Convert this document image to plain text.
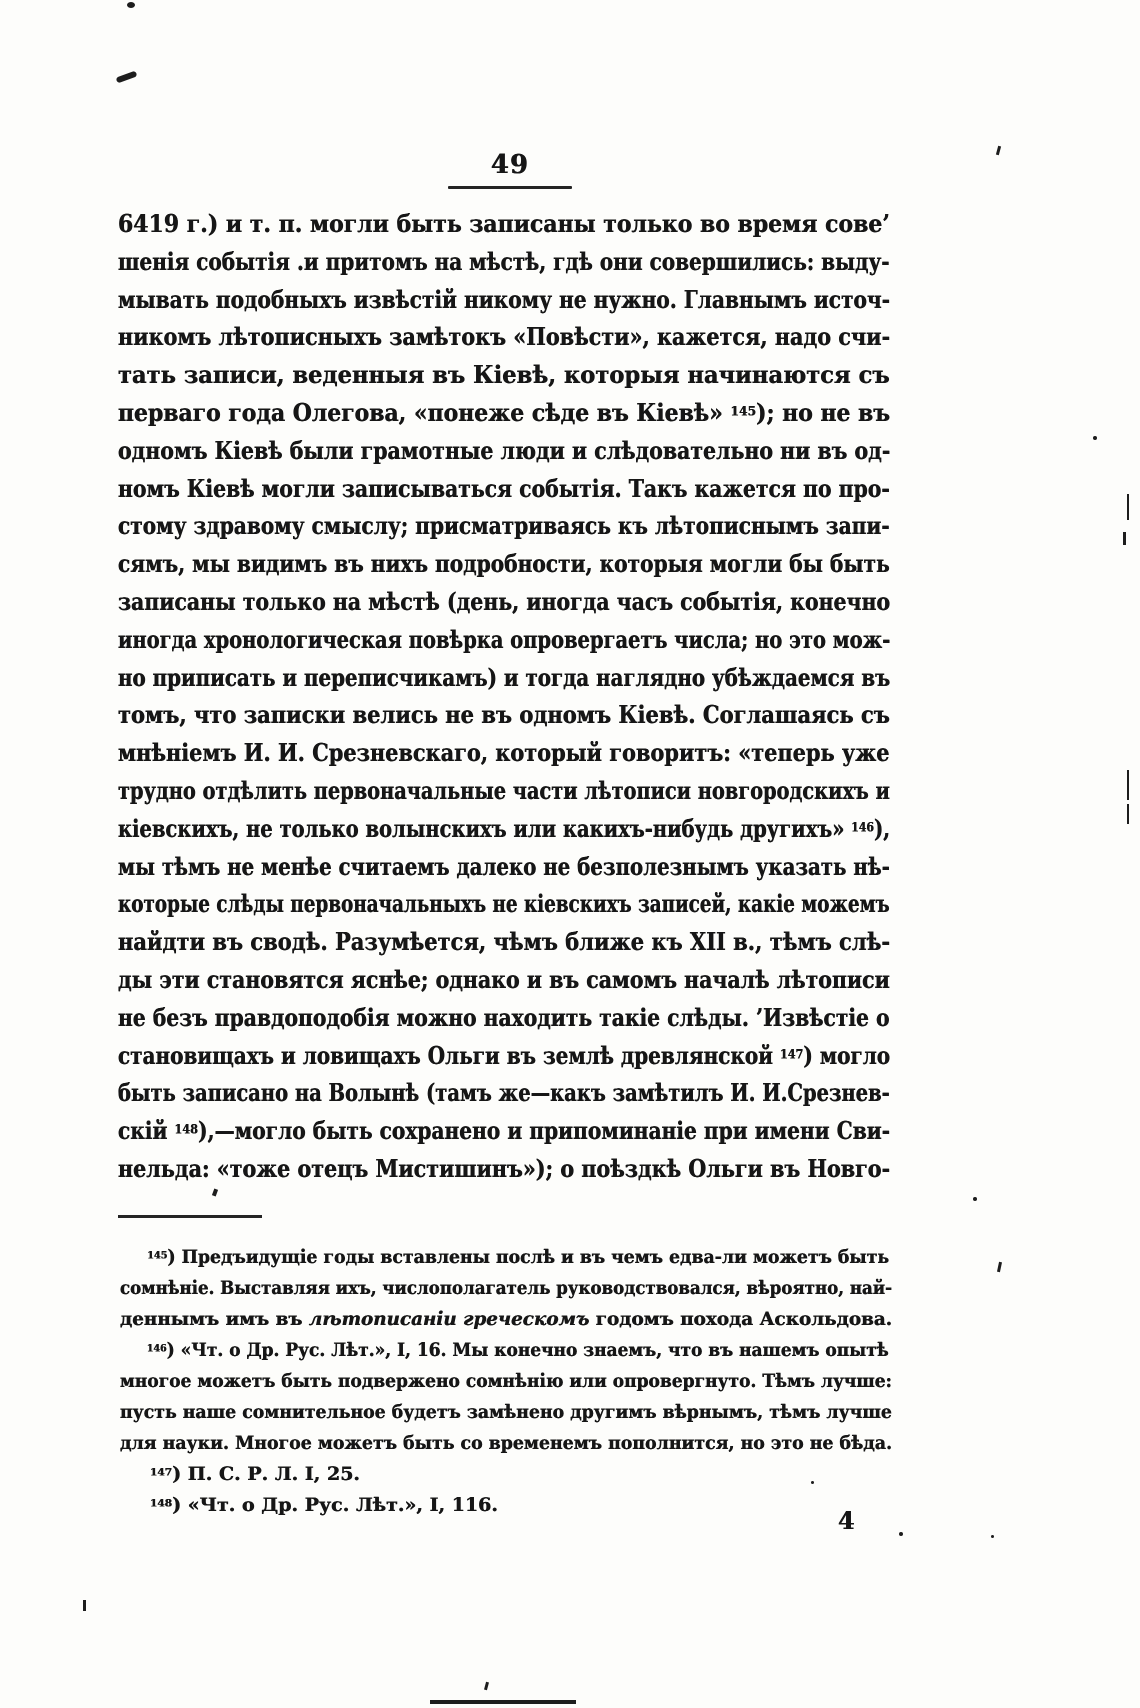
49
6419 г.) и т. п. могли быть записаны только во время сове’
шенія событія .и притомъ на мѣстѣ, гдѣ они совершились: выду-
мывать подобныхъ извѣстій никому не нужно. Главнымъ источ-
никомъ лѣтописныхъ замѣтокъ «Повѣсти», кажется, надо счи-
тать записи, веденныя въ Кіевѣ, которыя начинаются съ
перваго года Олегова, «понеже сѣде въ Кіевѣ» $^{145}$); но не въ
одномъ Кіевѣ были грамотные люди и слѣдовательно ни въ од-
номъ Кіевѣ могли записываться событія. Такъ кажется по про-
стому здравому смыслу; присматриваясь къ лѣтописнымъ запи-
сямъ, мы видимъ въ нихъ подробности, которыя могли бы быть
записаны только на мѣстѣ (день, иногда часъ событія, конечно
иногда хронологическая повѣрка опровергаетъ числа; но это мож-
но приписать и переписчикамъ) и тогда наглядно убѣждаемся въ
томъ, что записки велись не въ одномъ Кіевѣ. Соглашаясь съ
мнѣніемъ И. И. Срезневскаго, который говоритъ: «теперь уже
трудно отдѣлить первоначальные части лѣтописи новгородскихъ и
кіевскихъ, не только волынскихъ или какихъ-нибудь другихъ» $^{146}$),
мы тѣмъ не менѣе считаемъ далеко не безполезнымъ указать нѣ-
которые слѣды первоначальныхъ не кіевскихъ записей, какіе можемъ
найдти въ сводѣ. Разумѣется, чѣмъ ближе къ XII в., тѣмъ слѣ-
ды эти становятся яснѣе; однако и въ самомъ началѣ лѣтописи
не безъ правдоподобія можно находить такіе слѣды. ’Извѣстіе о
становищахъ и ловищахъ Ольги въ землѣ древлянской $^{147}$) могло
быть записано на Волынѣ (тамъ же—какъ замѣтилъ И. И.Срезнев-
скій $^{148}$),—могло быть сохранено и припоминаніе при имени Сви-
нельда: «тоже отецъ Мистишинъ»); о поѣздкѣ Ольги въ Новго-
$^{145}$) Предъидущіе годы вставлены послѣ и въ чемъ едва-ли можетъ быть
сомнѣніе. Выставляя ихъ, числополагатель руководствовался, вѣроятно, най-
деннымъ имъ въ лѣтописаніи греческомъ годомъ похода Аскольдова.
$^{146}$) «Чт. о Др. Рус. Лѣт.», I, 16. Мы конечно знаемъ, что въ нашемъ опытѣ
многое можетъ быть подвержено сомнѣнію или опровергнуто. Тѣмъ лучше:
пусть наше сомнительное будетъ замѣнено другимъ вѣрнымъ, тѣмъ лучше
для науки. Многое можетъ быть со временемъ пополнится, но это не бѣда.
$^{147}$) П. С. Р. Л. I, 25.
$^{148}$) «Чт. о Др. Рус. Лѣт.», I, 116.
4
